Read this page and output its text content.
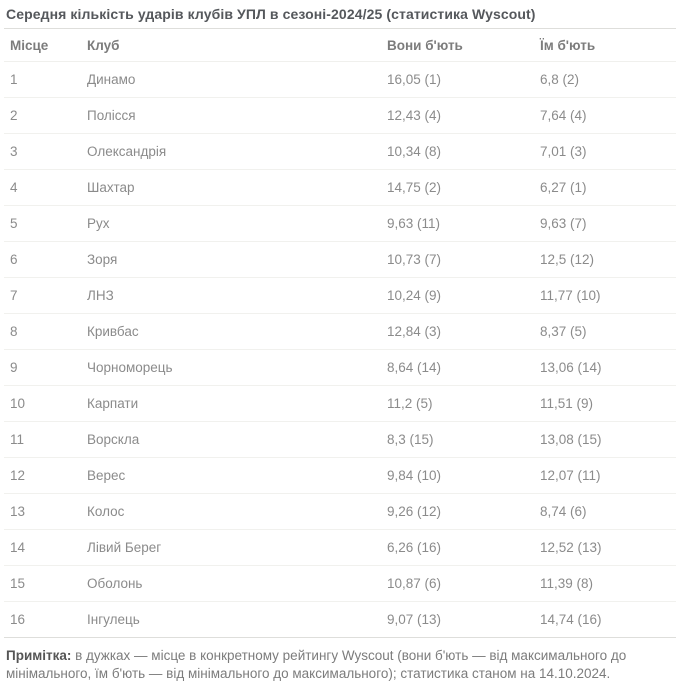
Середня кількість ударів клубів УПЛ в сезоні-2024/25 (статистика Wyscout)
Місце	Клуб	Вони б'ють	Їм б'ють
1	Динамо	16,05 (1)	6,8 (2)
2	Полісся	12,43 (4)	7,64 (4)
3	Олександрія	10,34 (8)	7,01 (3)
4	Шахтар	14,75 (2)	6,27 (1)
5	Рух	9,63 (11)	9,63 (7)
6	Зоря	10,73 (7)	12,5 (12)
7	ЛНЗ	10,24 (9)	11,77 (10)
8	Кривбас	12,84 (3)	8,37 (5)
9	Чорноморець	8,64 (14)	13,06 (14)
10	Карпати	11,2 (5)	11,51 (9)
11	Ворскла	8,3 (15)	13,08 (15)
12	Верес	9,84 (10)	12,07 (11)
13	Колос	9,26 (12)	8,74 (6)
14	Лівий Берег	6,26 (16)	12,52 (13)
15	Оболонь	10,87 (6)	11,39 (8)
16	Інгулець	9,07 (13)	14,74 (16)
Примітка: в дужках — місце в конкретному рейтингу Wyscout (вони б'ють — від максимального до мінімального, їм б'ють — від мінімального до максимального); статистика станом на 14.10.2024.
